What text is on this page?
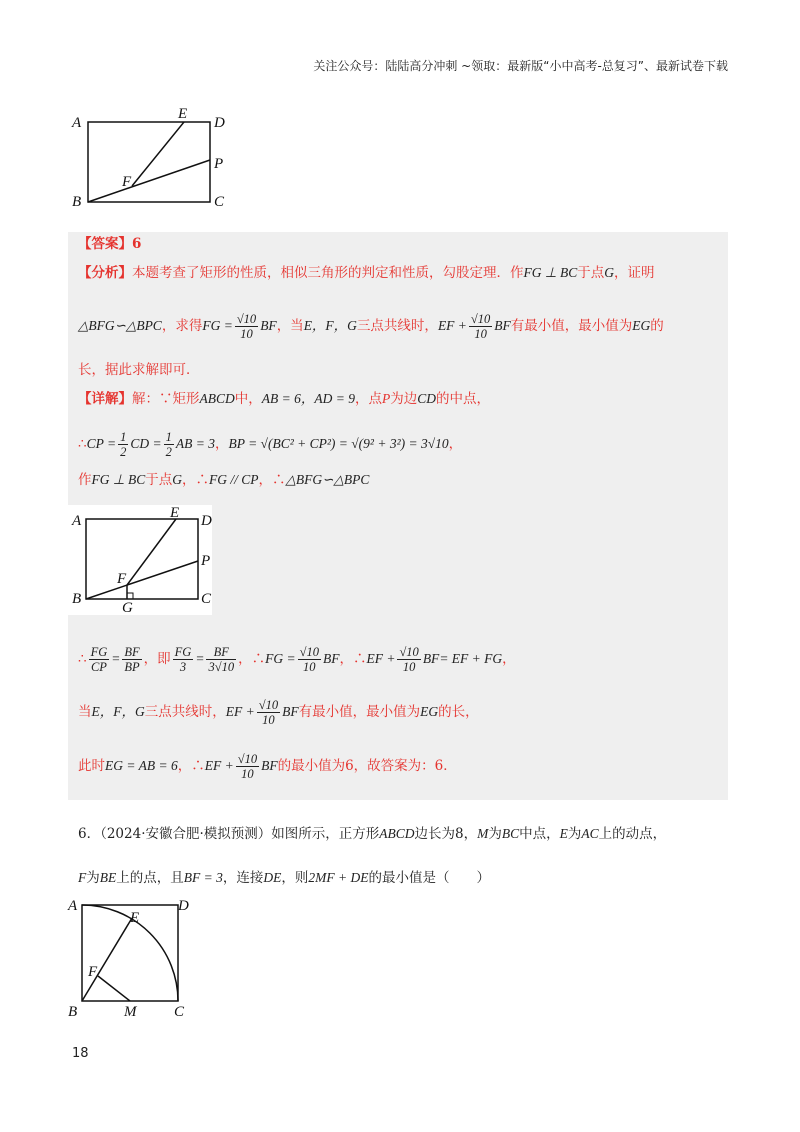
关注公众号：陆陆高分冲刺 ~领取：最新版“小中高考-总复习”、最新试卷下载
A
B	C
D
E
F
P
【答案】6
【分析】本题考查了矩形的性质，相似三角形的判定和性质，勾股定理．作FG ⊥ BC于点G，证明
△BFG∽△BPC，求得FG = $\frac{√10}{10}$ BF，当E，F，G三点共线时，EF + $\frac{√10}{10}$ BF有最小值，最小值为EG的
长，据此求解即可．
【详解】解：∵矩形ABCD中，AB = 6，AD = 9，点P为边CD的中点，
∴CP = $\frac{1}{2}$ CD = $\frac{1}{2}$ AB = 3，BP = √(BC² + CP²) = √(9² + 3²) = 3√10，
作FG ⊥ BC于点G，∴FG // CP，∴△BFG∽△BPC
A
B	C
D
E
F
P
G
∴ $\frac{FG}{CP} = \frac{BF}{BP}$ ，即 $\frac{FG}{3} = \frac{BF}{3√10}$ ，∴FG = $\frac{√10}{10}$ BF，∴EF + $\frac{√10}{10} BF=$ EF + FG，
当E，F，G三点共线时，EF + $\frac{√10}{10}$ BF有最小值，最小值为EG的长，
此时EG = AB = 6，∴EF + $\frac{√10}{10}$ BF的最小值为6，故答案为：6．
6．（2024·安徽合肥·模拟预测）如图所示，正方形ABCD边长为8，M为BC中点，E为AC上的动点，
F为BE上的点，且BF = 3，连接DE，则2MF + DE的最小值是（　　）
A
B	C
D
E
F
M
18
